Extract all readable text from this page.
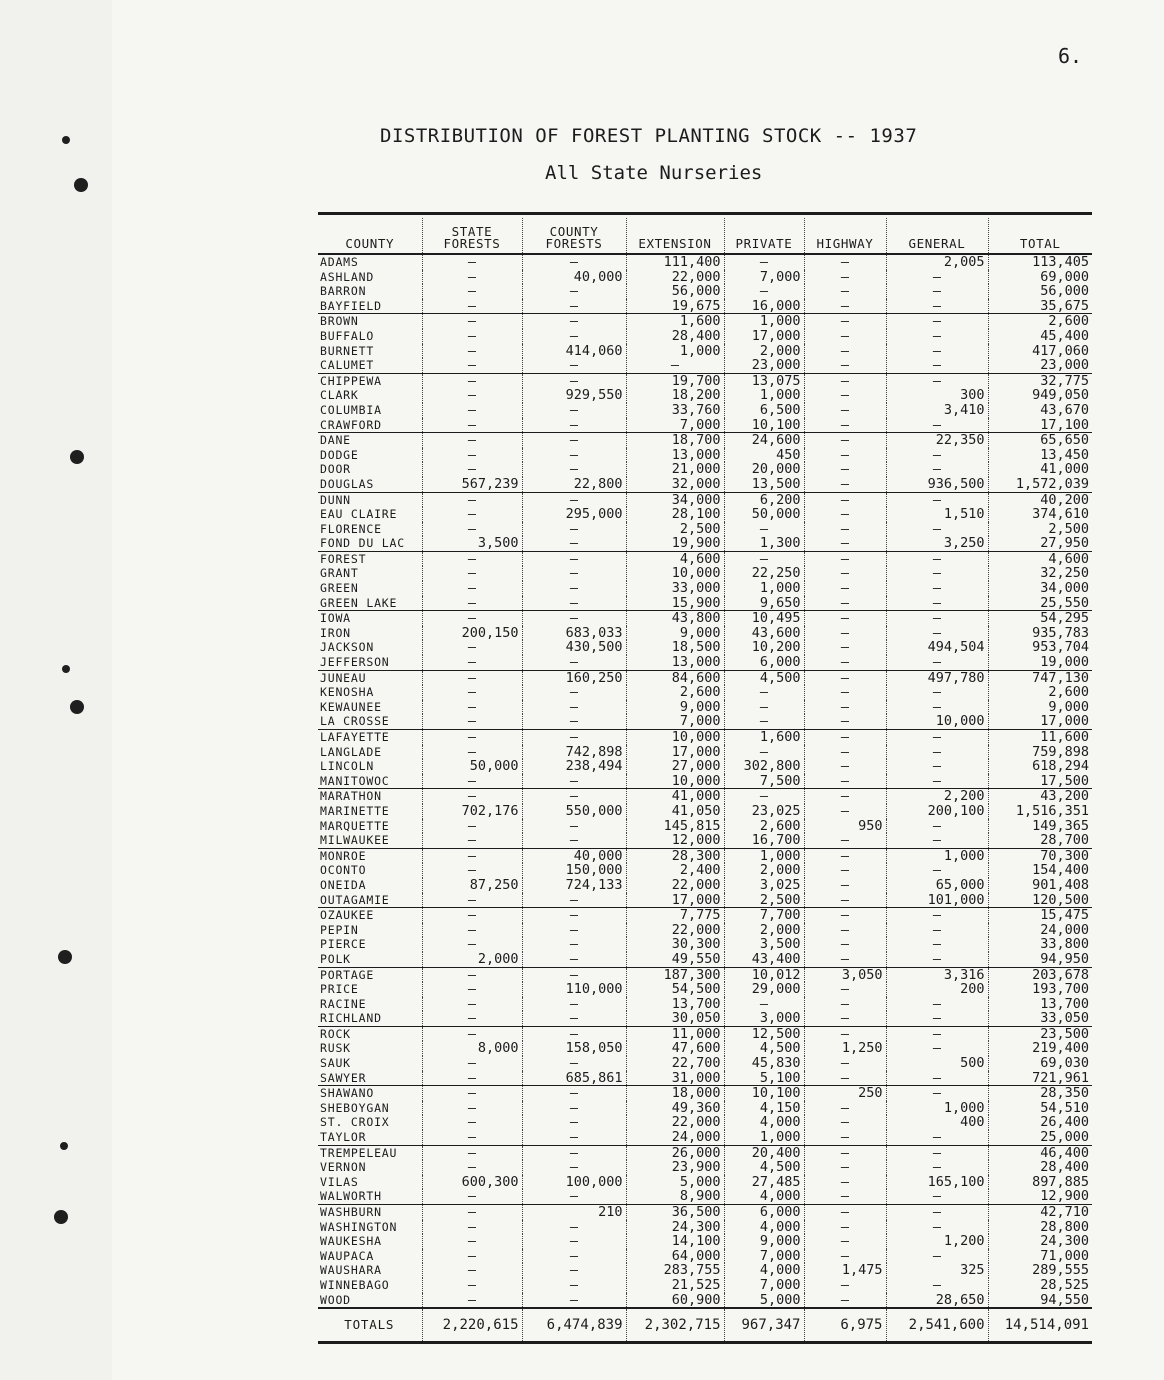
6.
DISTRIBUTION OF FOREST PLANTING STOCK -- 1937
All State Nurseries
COUNTY	STATE FORESTS	COUNTY FORESTS	EXTENSION	PRIVATE	HIGHWAY	GENERAL	TOTAL
ADAMS	—	—	111,400	—	—	2,005	113,405
ASHLAND	—	40,000	22,000	7,000	—	—	69,000
BARRON	—	—	56,000	—	—	—	56,000
BAYFIELD	—	—	19,675	16,000	—	—	35,675
BROWN	—	—	1,600	1,000	—	—	2,600
BUFFALO	—	—	28,400	17,000	—	—	45,400
BURNETT	—	414,060	1,000	2,000	—	—	417,060
CALUMET	—	—	—	23,000	—	—	23,000
CHIPPEWA	—	—	19,700	13,075	—	—	32,775
CLARK	—	929,550	18,200	1,000	—	300	949,050
COLUMBIA	—	—	33,760	6,500	—	3,410	43,670
CRAWFORD	—	—	7,000	10,100	—	—	17,100
DANE	—	—	18,700	24,600	—	22,350	65,650
DODGE	—	—	13,000	450	—	—	13,450
DOOR	—	—	21,000	20,000	—	—	41,000
DOUGLAS	567,239	22,800	32,000	13,500	—	936,500	1,572,039
DUNN	—	—	34,000	6,200	—	—	40,200
EAU CLAIRE	—	295,000	28,100	50,000	—	1,510	374,610
FLORENCE	—	—	2,500	—	—	—	2,500
FOND DU LAC	3,500	—	19,900	1,300	—	3,250	27,950
FOREST	—	—	4,600	—	—	—	4,600
GRANT	—	—	10,000	22,250	—	—	32,250
GREEN	—	—	33,000	1,000	—	—	34,000
GREEN LAKE	—	—	15,900	9,650	—	—	25,550
IOWA	—	—	43,800	10,495	—	—	54,295
IRON	200,150	683,033	9,000	43,600	—	—	935,783
JACKSON	—	430,500	18,500	10,200	—	494,504	953,704
JEFFERSON	—	—	13,000	6,000	—	—	19,000
JUNEAU	—	160,250	84,600	4,500	—	497,780	747,130
KENOSHA	—	—	2,600	—	—	—	2,600
KEWAUNEE	—	—	9,000	—	—	—	9,000
LA CROSSE	—	—	7,000	—	—	10,000	17,000
LAFAYETTE	—	—	10,000	1,600	—	—	11,600
LANGLADE	—	742,898	17,000	—	—	—	759,898
LINCOLN	50,000	238,494	27,000	302,800	—	—	618,294
MANITOWOC	—	—	10,000	7,500	—	—	17,500
MARATHON	—	—	41,000	—	—	2,200	43,200
MARINETTE	702,176	550,000	41,050	23,025	—	200,100	1,516,351
MARQUETTE	—	—	145,815	2,600	950	—	149,365
MILWAUKEE	—	—	12,000	16,700	—	—	28,700
MONROE	—	40,000	28,300	1,000	—	1,000	70,300
OCONTO	—	150,000	2,400	2,000	—	—	154,400
ONEIDA	87,250	724,133	22,000	3,025	—	65,000	901,408
OUTAGAMIE	—	—	17,000	2,500	—	101,000	120,500
OZAUKEE	—	—	7,775	7,700	—	—	15,475
PEPIN	—	—	22,000	2,000	—	—	24,000
PIERCE	—	—	30,300	3,500	—	—	33,800
POLK	2,000	—	49,550	43,400	—	—	94,950
PORTAGE	—	—	187,300	10,012	3,050	3,316	203,678
PRICE	—	110,000	54,500	29,000	—	200	193,700
RACINE	—	—	13,700	—	—	—	13,700
RICHLAND	—	—	30,050	3,000	—	—	33,050
ROCK	—	—	11,000	12,500	—	—	23,500
RUSK	8,000	158,050	47,600	4,500	1,250	—	219,400
SAUK	—	—	22,700	45,830	—	500	69,030
SAWYER	—	685,861	31,000	5,100	—	—	721,961
SHAWANO	—	—	18,000	10,100	250	—	28,350
SHEBOYGAN	—	—	49,360	4,150	—	1,000	54,510
ST. CROIX	—	—	22,000	4,000	—	400	26,400
TAYLOR	—	—	24,000	1,000	—	—	25,000
TREMPELEAU	—	—	26,000	20,400	—	—	46,400
VERNON	—	—	23,900	4,500	—	—	28,400
VILAS	600,300	100,000	5,000	27,485	—	165,100	897,885
WALWORTH	—	—	8,900	4,000	—	—	12,900
WASHBURN	—	210	36,500	6,000	—	—	42,710
WASHINGTON	—	—	24,300	4,000	—	—	28,800
WAUKESHA	—	—	14,100	9,000	—	1,200	24,300
WAUPACA	—	—	64,000	7,000	—	—	71,000
WAUSHARA	—	—	283,755	4,000	1,475	325	289,555
WINNEBAGO	—	—	21,525	7,000	—	—	28,525
WOOD	—	—	60,900	5,000	—	28,650	94,550
TOTALS	2,220,615	6,474,839	2,302,715	967,347	6,975	2,541,600	14,514,091
